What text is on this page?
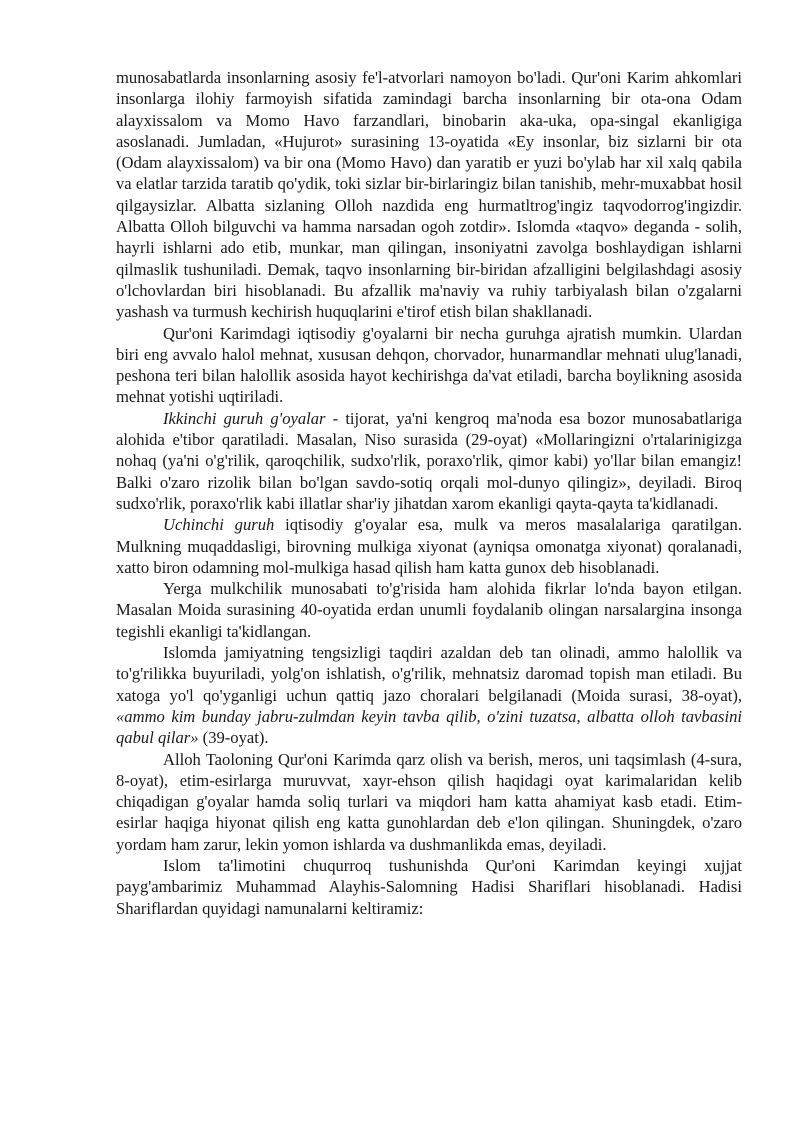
munosabatlarda insonlarning asosiy fe'l-atvorlari namoyon bo'ladi. Qur'oni Karim ahkomlari insonlarga ilohiy farmoyish sifatida zamindagi barcha insonlarning bir ota-ona Odam alayxissalom va Momo Havo farzandlari, binobarin aka-uka, opa-singal ekanligiga asoslanadi. Jumladan, «Hujurot» surasining 13-oyatida «Ey insonlar, biz sizlarni bir ota (Odam alayxissalom) va bir ona (Momo Havo) dan yaratib er yuzi bo'ylab har xil xalq qabila va elatlar tarzida taratib qo'ydik, toki sizlar bir-birlaringiz bilan tanishib, mehr-muxabbat hosil qilgaysizlar. Albatta sizlaning Olloh nazdida eng hurmatltrog'ingiz taqvodorrog'ingizdir. Albatta Olloh bilguvchi va hamma narsadan ogoh zotdir». Islomda «taqvo» deganda - solih, hayrli ishlarni ado etib, munkar, man qilingan, insoniyatni zavolga boshlaydigan ishlarni qilmaslik tushuniladi. Demak, taqvo insonlarning bir-biridan afzalligini belgilashdagi asosiy o'lchovlardan biri hisoblanadi. Bu afzallik ma'naviy va ruhiy tarbiyalash bilan o'zgalarni yashash va turmush kechirish huquqlarini e'tirof etish bilan shakllanadi.

Qur'oni Karimdagi iqtisodiy g'oyalarni bir necha guruhga ajratish mumkin. Ulardan biri eng avvalo halol mehnat, xususan dehqon, chorvador, hunarmandlar mehnati ulug'lanadi, peshona teri bilan halollik asosida hayot kechirishga da'vat etiladi, barcha boylikning asosida mehnat yotishi uqtiriladi.

Ikkinchi guruh g'oyalar - tijorat, ya'ni kengroq ma'noda esa bozor munosabatlariga alohida e'tibor qaratiladi. Masalan, Niso surasida (29-oyat) «Mollaringizni o'rtalarinigizga nohaq (ya'ni o'g'rilik, qaroqchilik, sudxo'rlik, poraxo'rlik, qimor kabi) yo'llar bilan emangiz! Balki o'zaro rizolik bilan bo'lgan savdo-sotiq orqali mol-dunyo qilingiz», deyiladi. Biroq sudxo'rlik, poraxo'rlik kabi illatlar shar'iy jihatdan xarom ekanligi qayta-qayta ta'kidlanadi.

Uchinchi guruh iqtisodiy g'oyalar esa, mulk va meros masalalariga qaratilgan. Mulkning muqaddasligi, birovning mulkiga xiyonat (ayniqsa omonatga xiyonat) qoralanadi, xatto biron odamning mol-mulkiga hasad qilish ham katta gunox deb hisoblanadi.

Yerga mulkchilik munosabati to'g'risida ham alohida fikrlar lo'nda bayon etilgan. Masalan Moida surasining 40-oyatida erdan unumli foydalanib olingan narsalargina insonga tegishli ekanligi ta'kidlangan.

Islomda jamiyatning tengsizligi taqdiri azaldan deb tan olinadi, ammo halollik va to'g'rilikka buyuriladi, yolg'on ishlatish, o'g'rilik, mehnatsiz daromad topish man etiladi. Bu xatoga yo'l qo'yganligi uchun qattiq jazo choralari belgilanadi (Moida surasi, 38-oyat), «ammo kim bunday jabru-zulmdan keyin tavba qilib, o'zini tuzatsa, albatta olloh tavbasini qabul qilar» (39-oyat).

Alloh Taoloning Qur'oni Karimda qarz olish va berish, meros, uni taqsimlash (4-sura, 8-oyat), etim-esirlarga muruvvat, xayr-ehson qilish haqidagi oyat karimalaridan kelib chiqadigan g'oyalar hamda soliq turlari va miqdori ham katta ahamiyat kasb etadi. Etim-esirlar haqiga hiyonat qilish eng katta gunohlardan deb e'lon qilingan. Shuningdek, o'zaro yordam ham zarur, lekin yomon ishlarda va dushmanlikda emas, deyiladi.

Islom ta'limotini chuqurroq tushunishda Qur'oni Karimdan keyingi xujjat payg'ambarimiz Muhammad Alayhis-Salomning Hadisi Shariflari hisoblanadi. Hadisi Shariflardan quyidagi namunalarni keltiramiz:
